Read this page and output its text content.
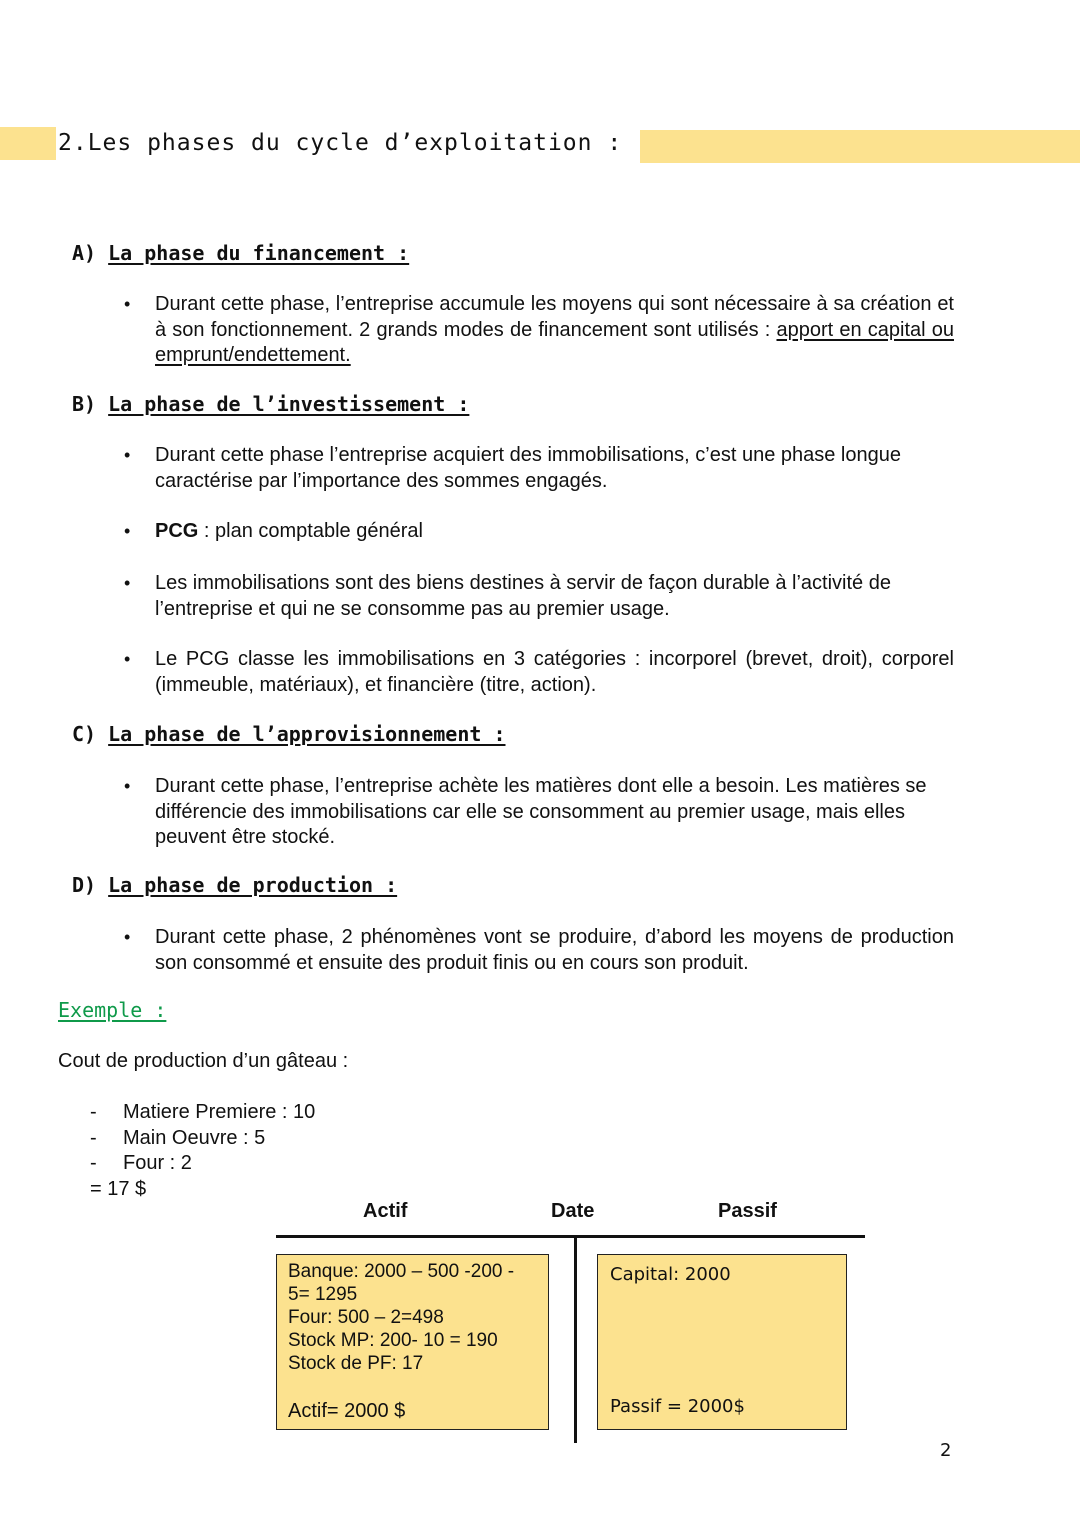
2.Les phases du cycle d’exploitation :
A) La phase du financement :
•	Durant cette phase, l’entreprise accumule les moyens qui sont nécessaire à sa création et à son fonctionnement. 2 grands modes de financement sont utilisés : apport en capital ou emprunt/endettement.
B) La phase de l’investissement :
•	Durant cette phase l’entreprise acquiert des immobilisations, c’est une phase longue caractérise par l’importance des sommes engagés.
•	PCG : plan comptable général
•	Les immobilisations sont des biens destines à servir de façon durable à l’activité de l’entreprise et qui ne se consomme pas au premier usage.
•	Le PCG classe les immobilisations en 3 catégories : incorporel (brevet, droit), corporel (immeuble, matériaux), et financière (titre, action).
C) La phase de l’approvisionnement :
•	Durant cette phase, l’entreprise achète les matières dont elle a besoin. Les matières se différencie des immobilisations car elle se consomment au premier usage, mais elles peuvent être stocké.
D) La phase de production :
•	Durant cette phase, 2 phénomènes vont se produire, d’abord les moyens de production son consommé et ensuite des produit finis ou en cours son produit.
Exemple :
Cout de production d’un gâteau :
- Matiere Premiere : 10
- Main Oeuvre : 5
- Four : 2
= 17 $
Actif	Date	Passif
Banque: 2000 – 500 -200 -
5= 1295
Four: 500 – 2=498
Stock MP: 200- 10 = 190
Stock de PF: 17
Actif= 2000 $
Capital: 2000
Passif = 2000$
2
